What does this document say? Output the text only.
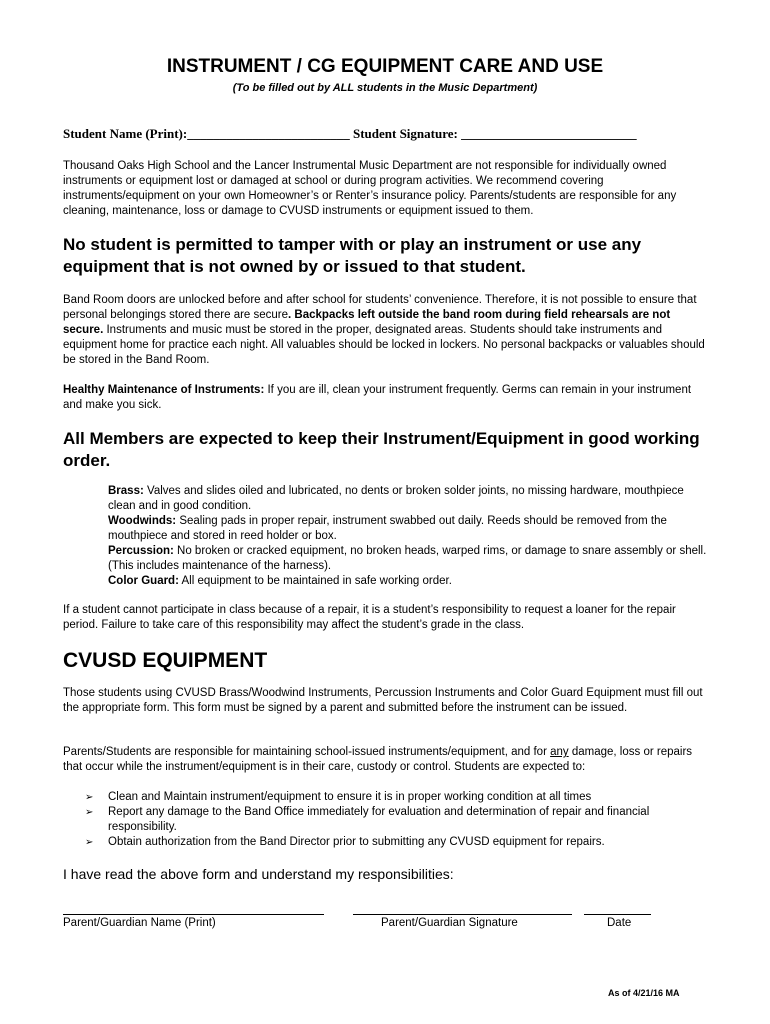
INSTRUMENT / CG EQUIPMENT CARE AND USE
(To be filled out by ALL students in the Music Department)
Student Name (Print):_________________________ Student Signature: ___________________________
Thousand Oaks High School and the Lancer Instrumental Music Department are not responsible for individually owned instruments or equipment lost or damaged at school or during program activities. We recommend covering instruments/equipment on your own Homeowner’s or Renter’s insurance policy. Parents/students are responsible for any cleaning, maintenance, loss or damage to CVUSD instruments or equipment issued to them.
No student is permitted to tamper with or play an instrument or use any equipment that is not owned by or issued to that student.
Band Room doors are unlocked before and after school for students’ convenience. Therefore, it is not possible to ensure that personal belongings stored there are secure. Backpacks left outside the band room during field rehearsals are not secure. Instruments and music must be stored in the proper, designated areas. Students should take instruments and equipment home for practice each night. All valuables should be locked in lockers. No personal backpacks or valuables should be stored in the Band Room.
Healthy Maintenance of Instruments: If you are ill, clean your instrument frequently. Germs can remain in your instrument and make you sick.
All Members are expected to keep their Instrument/Equipment in good working order.
Brass: Valves and slides oiled and lubricated, no dents or broken solder joints, no missing hardware, mouthpiece clean and in good condition.
Woodwinds: Sealing pads in proper repair, instrument swabbed out daily. Reeds should be removed from the mouthpiece and stored in reed holder or box.
Percussion: No broken or cracked equipment, no broken heads, warped rims, or damage to snare assembly or shell. (This includes maintenance of the harness).
Color Guard: All equipment to be maintained in safe working order.
If a student cannot participate in class because of a repair, it is a student’s responsibility to request a loaner for the repair period. Failure to take care of this responsibility may affect the student’s grade in the class.
CVUSD EQUIPMENT
Those students using CVUSD Brass/Woodwind Instruments, Percussion Instruments and Color Guard Equipment must fill out the appropriate form. This form must be signed by a parent and submitted before the instrument can be issued.
Parents/Students are responsible for maintaining school-issued instruments/equipment, and for any damage, loss or repairs that occur while the instrument/equipment is in their care, custody or control. Students are expected to:
➢	Clean and Maintain instrument/equipment to ensure it is in proper working condition at all times
➢	Report any damage to the Band Office immediately for evaluation and determination of repair and financial responsibility.
➢	Obtain authorization from the Band Director prior to submitting any CVUSD equipment for repairs.
I have read the above form and understand my responsibilities:
Parent/Guardian Name (Print)	Parent/Guardian Signature	Date
As of 4/21/16 MA
